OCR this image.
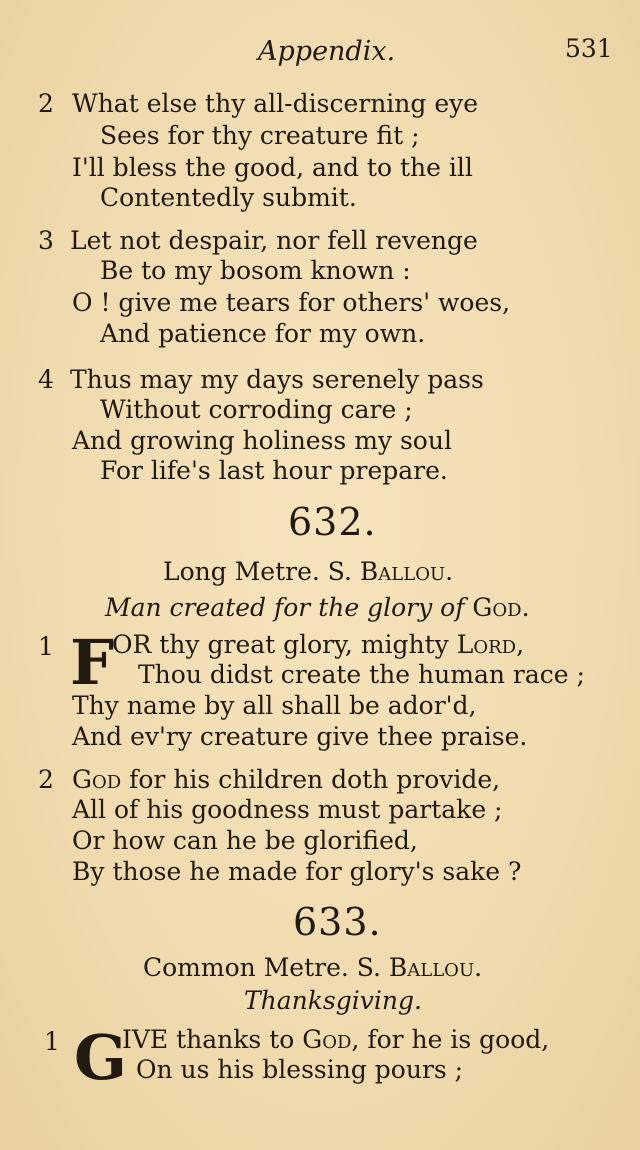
Appendix.	531
2 What else thy all-discerning eye
Sees for thy creature fit ;
I'll bless the good, and to the ill
Contentedly submit.
3 Let not despair, nor fell revenge
Be to my bosom known :
O ! give me tears for others' woes,
And patience for my own.
4 Thus may my days serenely pass
Without corroding care ;
And growing holiness my soul
For life's last hour prepare.
632.
Long Metre. S. Ballou.
Man created for the glory of God.
1 F
OR thy great glory, mighty Lord,
Thou didst create the human race ;
Thy name by all shall be ador'd,
And ev'ry creature give thee praise.
2 God for his children doth provide,
All of his goodness must partake ;
Or how can he be glorified,
By those he made for glory's sake ?
633.
Common Metre. S. Ballou.
Thanksgiving.
1 G
IVE thanks to God, for he is good,
On us his blessing pours ;
